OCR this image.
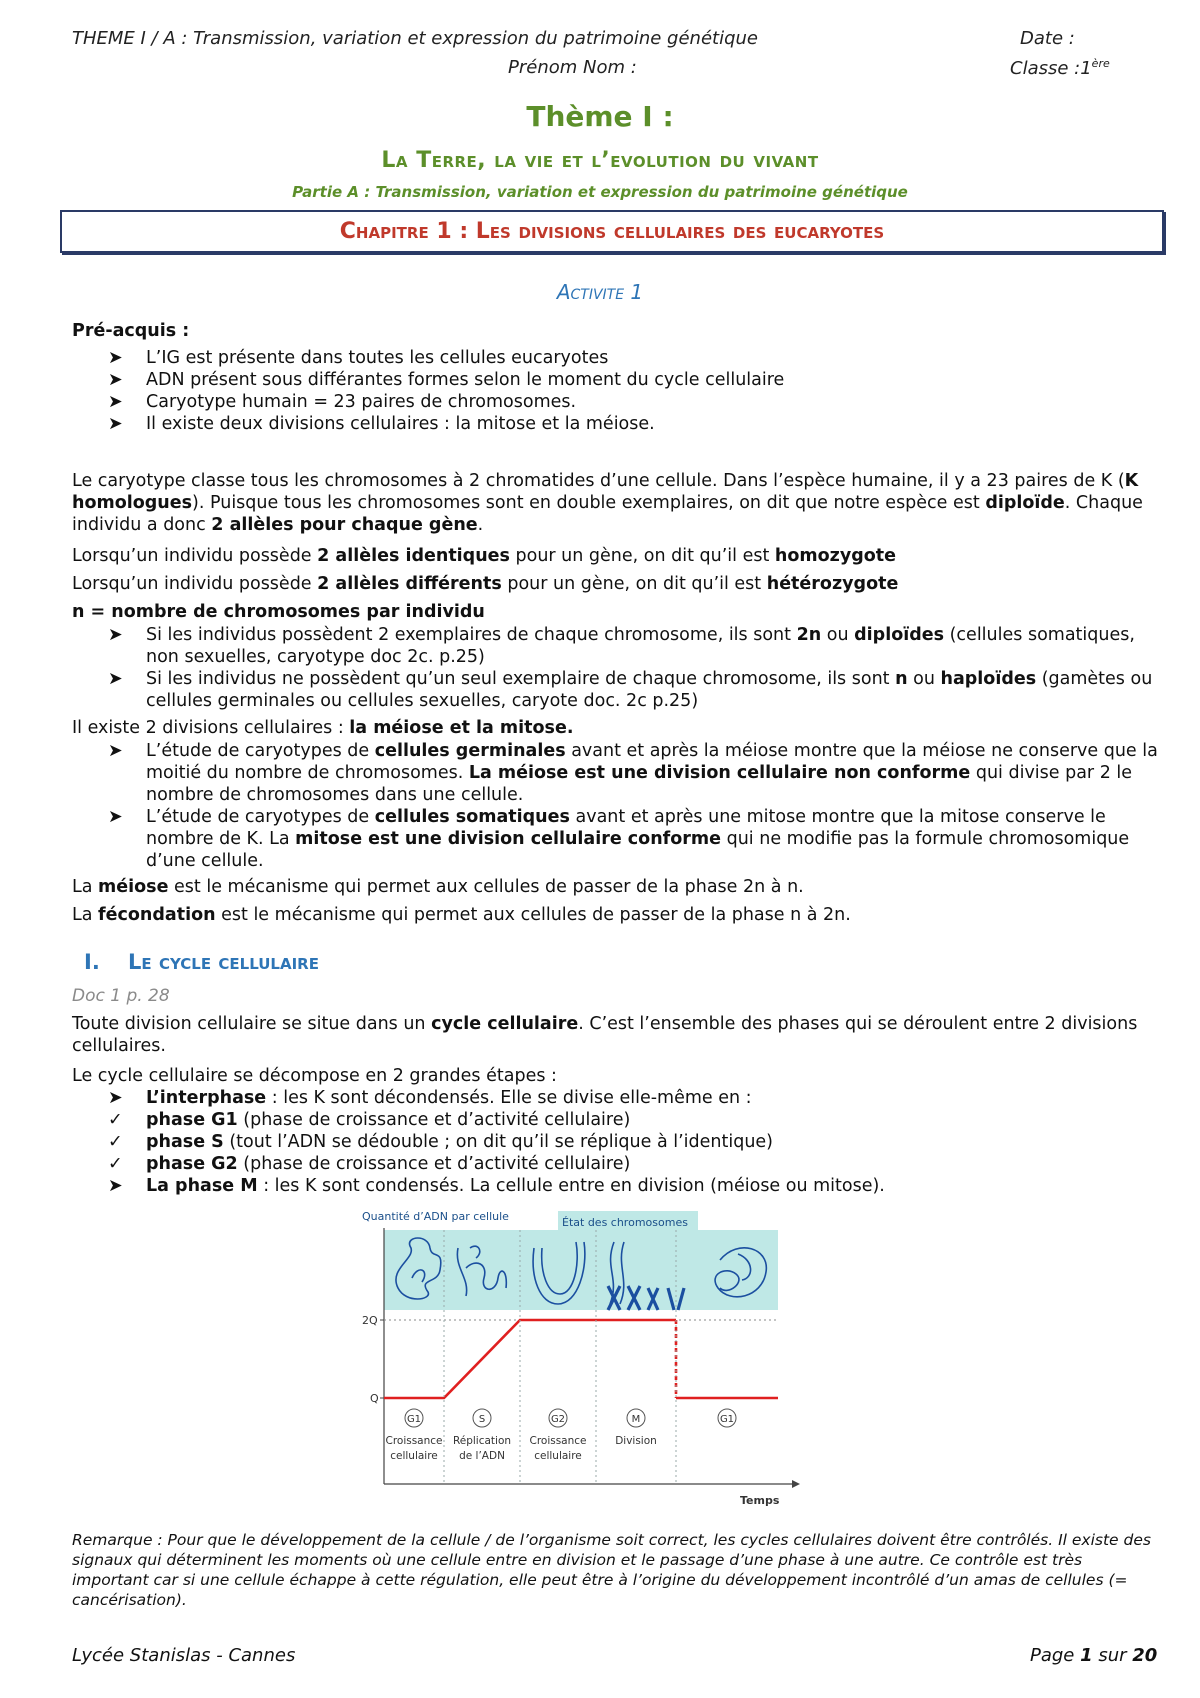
THEME I / A : Transmission, variation et expression du patrimoine génétique	Date :
Prénom Nom :	Classe :1ère
Thème I :
La Terre, la vie et l’evolution du vivant
Partie A : Transmission, variation et expression du patrimoine génétique
Chapitre 1 : Les divisions cellulaires des eucaryotes
Activite 1
Pré-acquis :
➤	L’IG est présente dans toutes les cellules eucaryotes
➤	ADN présent sous différantes formes selon le moment du cycle cellulaire
➤	Caryotype humain = 23 paires de chromosomes.
➤	Il existe deux divisions cellulaires : la mitose et la méiose.
Le caryotype classe tous les chromosomes à 2 chromatides d’une cellule. Dans l’espèce humaine, il y a 23 paires de K (K homologues). Puisque tous les chromosomes sont en double exemplaires, on dit que notre espèce est diploïde. Chaque individu a donc 2 allèles pour chaque gène.
Lorsqu’un individu possède 2 allèles identiques pour un gène, on dit qu’il est homozygote
Lorsqu’un individu possède 2 allèles différents pour un gène, on dit qu’il est hétérozygote
n = nombre de chromosomes par individu
➤	Si les individus possèdent 2 exemplaires de chaque chromosome, ils sont 2n ou diploïdes (cellules somatiques, non sexuelles, caryotype doc 2c. p.25)
➤	Si les individus ne possèdent qu’un seul exemplaire de chaque chromosome, ils sont n ou haploïdes (gamètes ou cellules germinales ou cellules sexuelles, caryote doc. 2c p.25)
Il existe 2 divisions cellulaires : la méiose et la mitose.
➤	L’étude de caryotypes de cellules germinales avant et après la méiose montre que la méiose ne conserve que la moitié du nombre de chromosomes. La méiose est une division cellulaire non conforme qui divise par 2 le nombre de chromosomes dans une cellule.
➤	L’étude de caryotypes de cellules somatiques avant et après une mitose montre que la mitose conserve le nombre de K. La mitose est une division cellulaire conforme qui ne modifie pas la formule chromosomique d’une cellule.
La méiose est le mécanisme qui permet aux cellules de passer de la phase 2n à n.
La fécondation est le mécanisme qui permet aux cellules de passer de la phase n à 2n.
I. Le cycle cellulaire
Doc 1 p. 28
Toute division cellulaire se situe dans un cycle cellulaire. C’est l’ensemble des phases qui se déroulent entre 2 divisions cellulaires.
Le cycle cellulaire se décompose en 2 grandes étapes :
➤	L’interphase : les K sont décondensés. Elle se divise elle-même en :
✓	phase G1 (phase de croissance et d’activité cellulaire)
✓	phase S (tout l’ADN se dédouble ; on dit qu’il se réplique à l’identique)
✓	phase G2 (phase de croissance et d’activité cellulaire)
➤	La phase M : les K sont condensés. La cellule entre en division (méiose ou mitose).
Quantité d’ADN par cellule	État des chromosomes
2Q
Q
Temps
G1
Croissance
cellulaire
S
Réplication
de l’ADN
G2
Croissance
cellulaire
M
Division
G1
Remarque : Pour que le développement de la cellule / de l’organisme soit correct, les cycles cellulaires doivent être contrôlés. Il existe des signaux qui déterminent les moments où une cellule entre en division et le passage d’une phase à une autre. Ce contrôle est très important car si une cellule échappe à cette régulation, elle peut être à l’origine du développement incontrôlé d’un amas de cellules (= cancérisation).
Lycée Stanislas - Cannes	Page 1 sur 20
